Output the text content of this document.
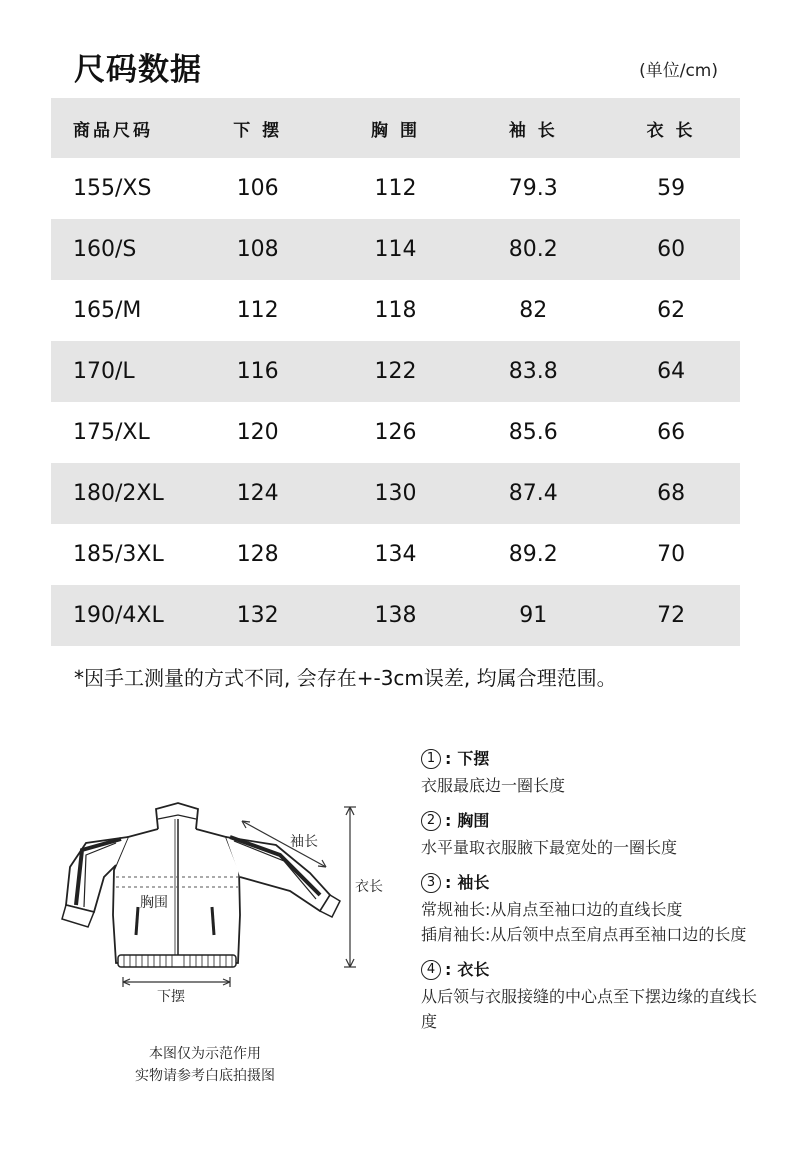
尺码数据	(单位/cm)
商品尺码	下 摆	胸 围	袖 长	衣 长
155/XS	106	112	79.3	59
160/S	108	114	80.2	60
165/M	112	118	82	62
170/L	116	122	83.8	64
175/XL	120	126	85.6	66
180/2XL	124	130	87.4	68
185/3XL	128	134	89.2	70
190/4XL	132	138	91	72
*因手工测量的方式不同, 会存在+-3cm误差, 均属合理范围。
袖长
衣长
胸围
下摆
本图仅为示范作用
实物请参考白底拍摄图
1 : 下摆
衣服最底边一圈长度
2 : 胸围
水平量取衣服腋下最宽处的一圈长度
3 : 袖长
常规袖长: 从肩点至袖口边的直线长度
插肩袖长: 从后领中点至肩点再至袖口边的长度
4 : 衣长
从后领与衣服接缝的中心点至下摆边缘的直线长度
